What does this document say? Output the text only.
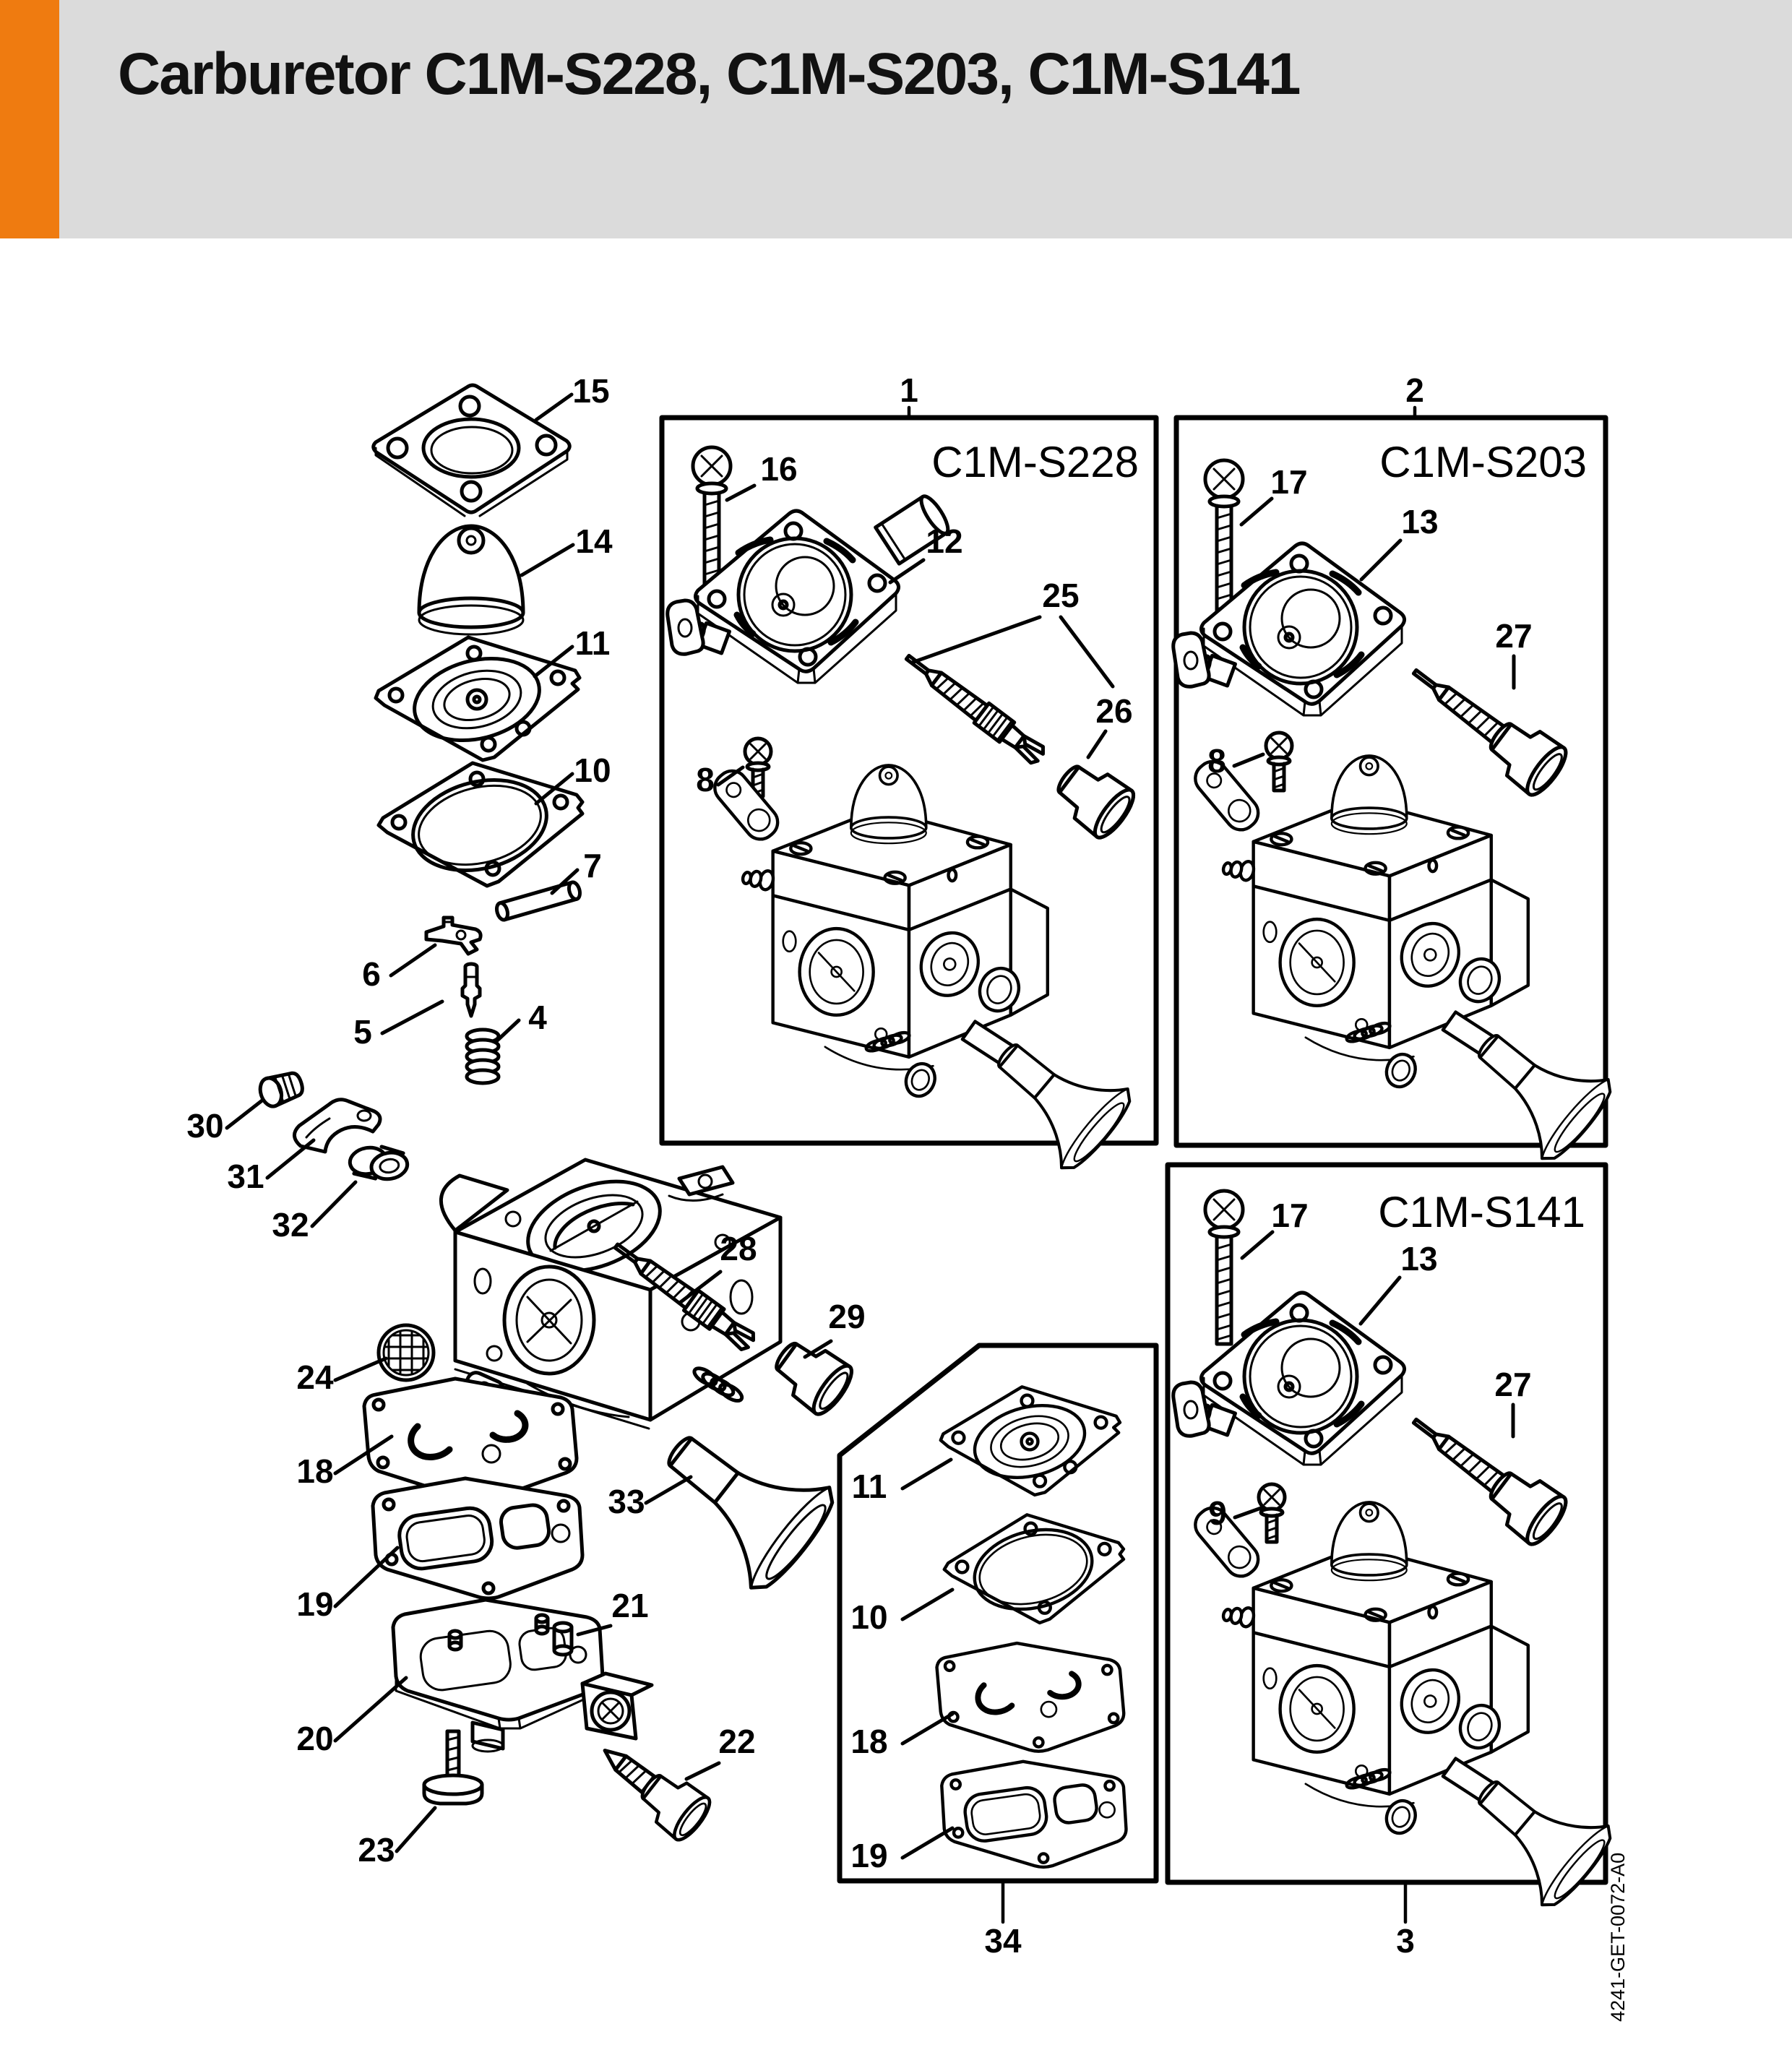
Carburetor C1M-S228, C1M-S203, C1M-S141
15
14
11
10
7
6
5	4
30
31
32
24
18
19
20
23
21
22
28
29
33
1
C1M-S228
16
12
25
26
8
2
C1M-S203
17
13
27
8
3
C1M-S141
17
13
27
9
34
11
10
18
19	4241-GET-0072-A0
